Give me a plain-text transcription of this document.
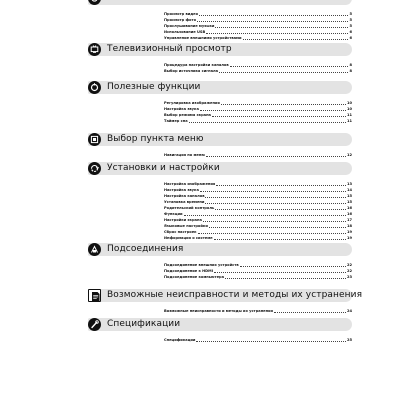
Просмотр видео	5
Просмотр фото	5
Прослушивание музыки	5
Использование USB	6
Управление внешними устройствами	6
Телевизионный просмотр
Процедура настройки каналов	8
Выбор источника сигнала	8
Полезные функции
Регулировка изображения	10
Настройка звука	10
Выбор режима экрана	11
Таймер сна	11
Выбор пункта меню
Навигация по меню	12
Установки и настройки
Настройка изображения	13
Настройка звука	14
Настройка каналов	15
Установка времени	15
Родительский контроль	16
Функции	16
Настройки экрана	17
Языковые настройки	18
Сброс настроек	19
Информация о системе	19
Подсоединения
Подсоединение внешних устройств	22
Подсоединение к HDMI	22
Подсоединение компьютера	23
Возможные неисправности и методы их устранения
Возможные неисправности и методы их устранения	24
Спецификации
Спецификации	25
